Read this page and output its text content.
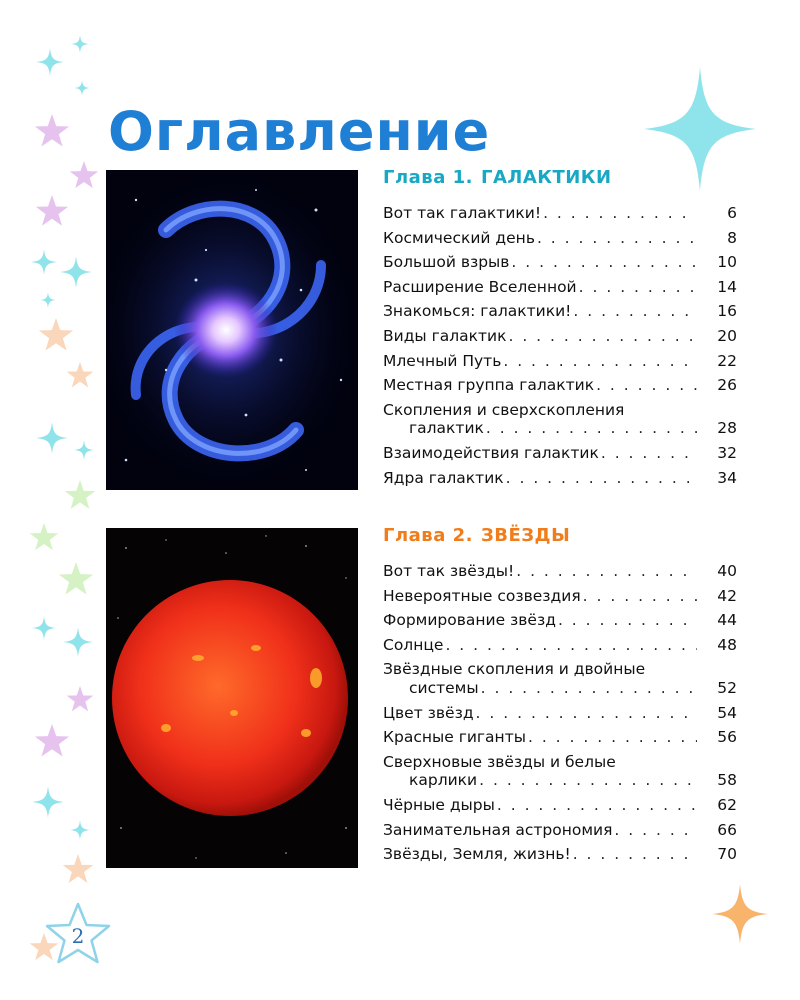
Оглавление
Глава 1. ГАЛАКТИКИ
Вот так галактики! . . .	6
Космический день . . .	8
Большой взрыв . . .	10
Расширение Вселенной . . .	14
Знакомься: галактики! . . .	16
Виды галактик . . .	20
Млечный Путь . . .	22
Местная группа галактик . . .	26
Скопления и сверхскопления
галактик . . .	28
Взаимодействия галактик . . .	32
Ядра галактик . . .	34
Глава 2. ЗВЁЗДЫ
Вот так звёзды! . . .	40
Невероятные созвездия . . .	42
Формирование звёзд . . .	44
Солнце . . .	48
Звёздные скопления и двойные
системы . . .	52
Цвет звёзд . . .	54
Красные гиганты . . .	56
Сверхновые звёзды и белые
карлики . . .	58
Чёрные дыры . . .	62
Занимательная астрономия . . .	66
Звёзды, Земля, жизнь! . . .	70
2
